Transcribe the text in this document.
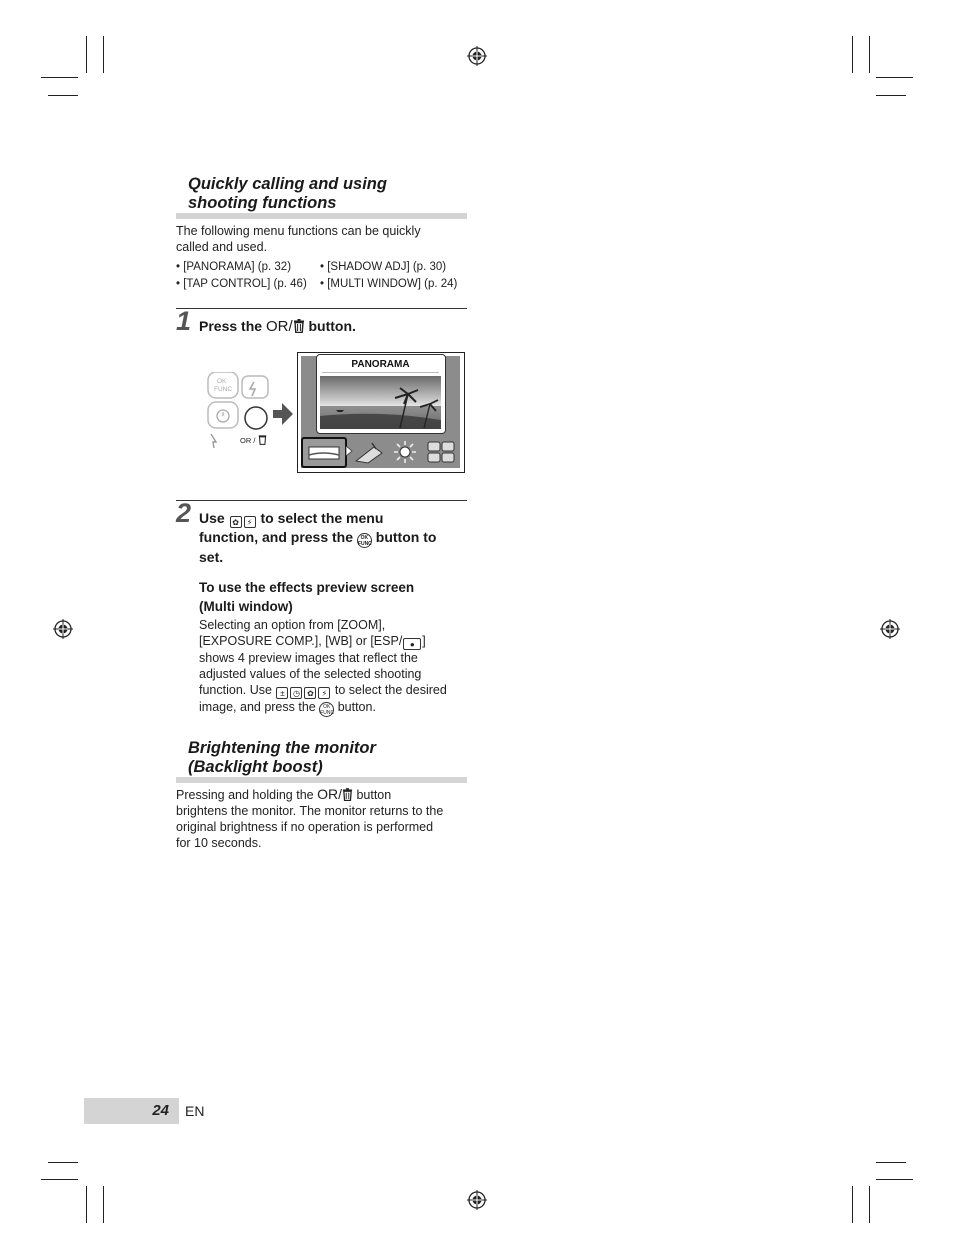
Quickly calling and using
shooting functions
The following menu functions can be quickly called and used.
• [PANORAMA] (p. 32)	• [SHADOW ADJ] (p. 30)
• [TAP CONTROL] (p. 46) • [MULTI WINDOW] (p. 24)
1 Press the OR/ button.
FUNC
OK
OR /
PANORAMA
2 Use ✿ ⚡ to select the menu
function, and press the OK
FUNC button to
set.
To use the effects preview screen
(Multi window)
Selecting an option from [ZOOM],
[EXPOSURE COMP.], [WB] or [ESP/ ● ]
shows 4 preview images that reflect the
adjusted values of the selected shooting
function. Use ± ◷ ✿ ⚡ to select the desired
image, and press the OK
FUNC button.
Brightening the monitor
(Backlight boost)
Pressing and holding the OR/ button
brightens the monitor. The monitor returns to the
original brightness if no operation is performed
for 10 seconds.
24 EN
